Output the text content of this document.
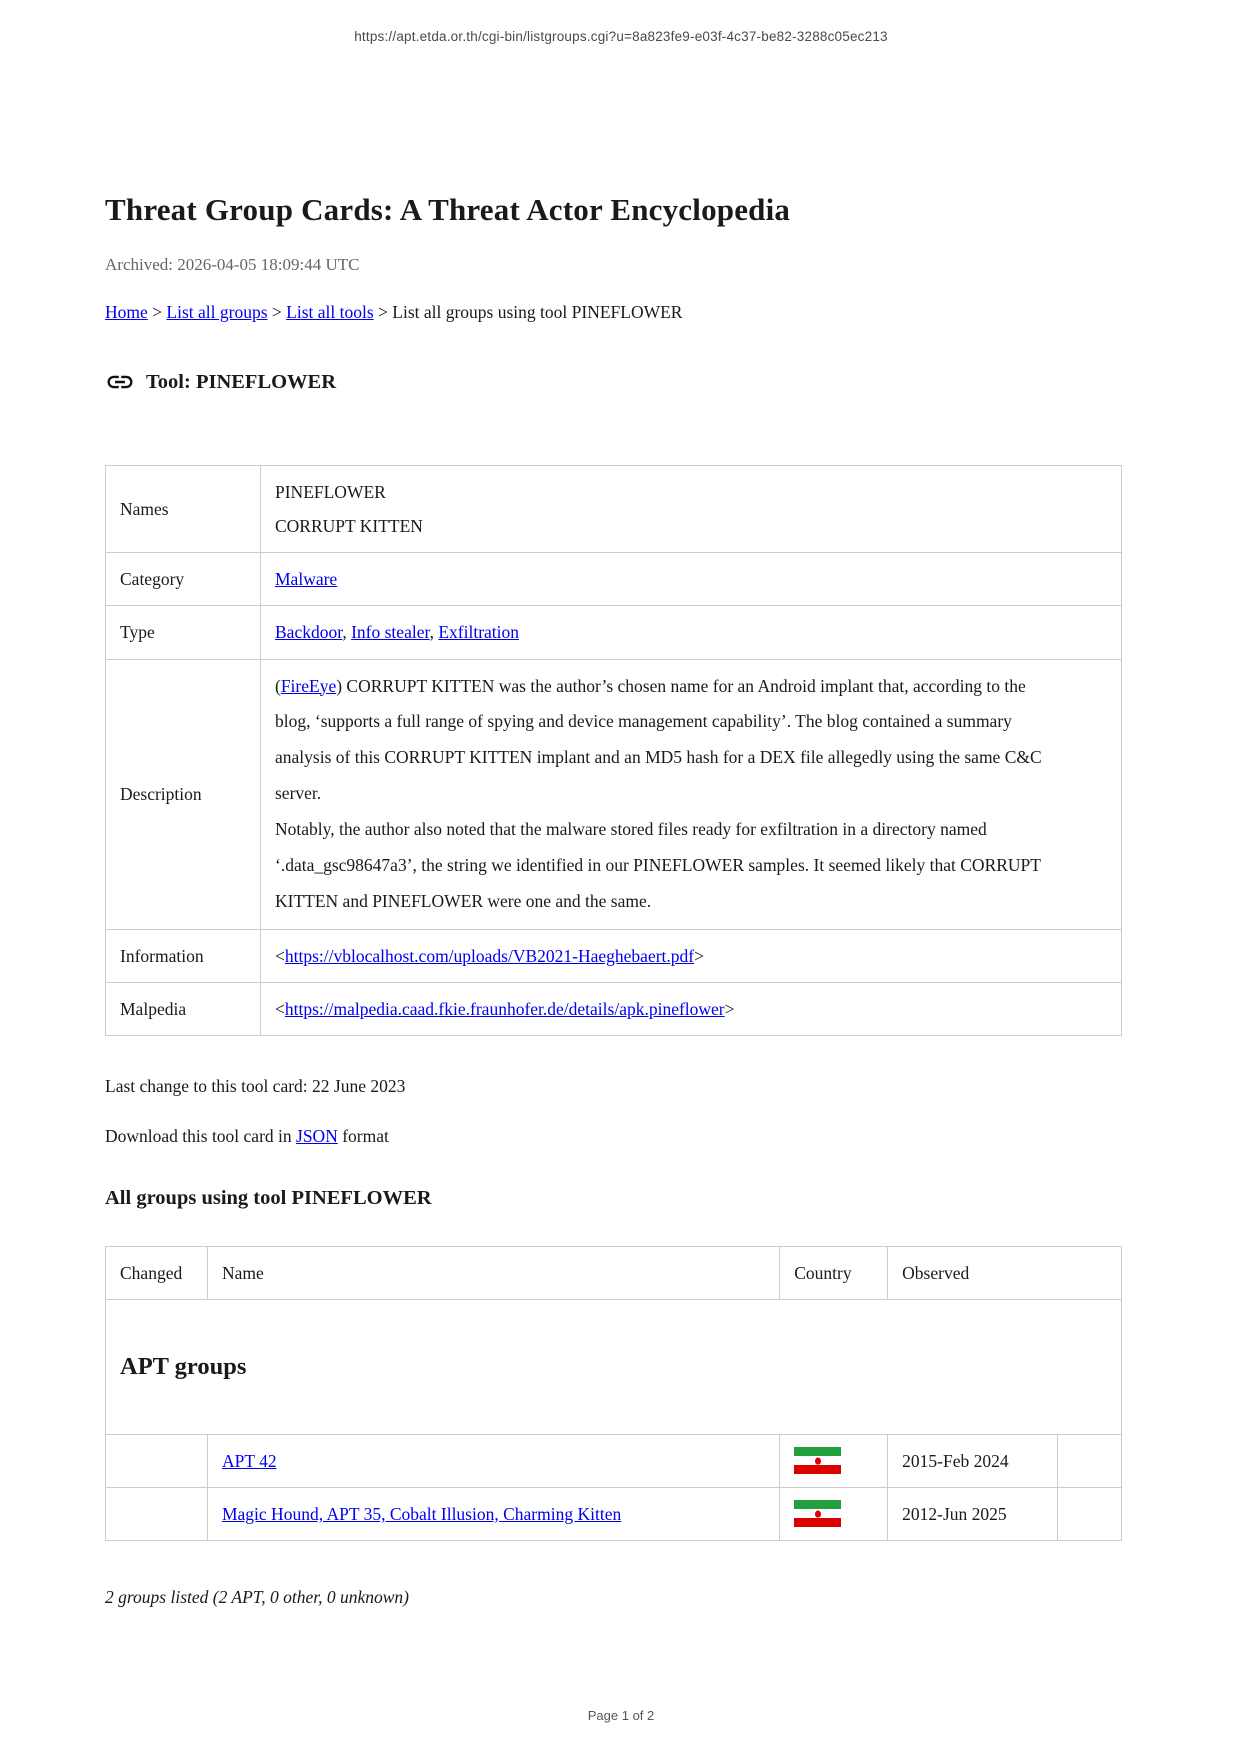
https://apt.etda.or.th/cgi-bin/listgroups.cgi?u=8a823fe9-e03f-4c37-be82-3288c05ec213
Threat Group Cards: A Threat Actor Encyclopedia
Archived: 2026-04-05 18:09:44 UTC
Home > List all groups > List all tools > List all groups using tool PINEFLOWER
Tool: PINEFLOWER
Names	PINEFLOWER
CORRUPT KITTEN

Category	Malware
Type	Backdoor, Info stealer, Exfiltration
Description	(FireEye) CORRUPT KITTEN was the author’s chosen name for an Android implant that, according to the blog, ‘supports a full range of spying and device management capability’. The blog contained a summary analysis of this CORRUPT KITTEN implant and an MD5 hash for a DEX file allegedly using the same C&C server.
Notably, the author also noted that the malware stored files ready for exfiltration in a directory named ‘.data_gsc98647a3’, the string we identified in our PINEFLOWER samples. It seemed likely that CORRUPT KITTEN and PINEFLOWER were one and the same.

Information	<https://vblocalhost.com/uploads/VB2021-Haeghebaert.pdf>
Malpedia	<https://malpedia.caad.fkie.fraunhofer.de/details/apk.pineflower>

Last change to this tool card: 22 June 2023

Download this tool card in JSON format

All groups using tool PINEFLOWER
Changed	Name	Country	Observed	
APT groups				
	APT 42		2015-Feb 2024	
	Magic Hound, APT 35, Cobalt Illusion, Charming Kitten		2012-Jun 2025	

2 groups listed (2 APT, 0 other, 0 unknown)

Page 1 of 2
